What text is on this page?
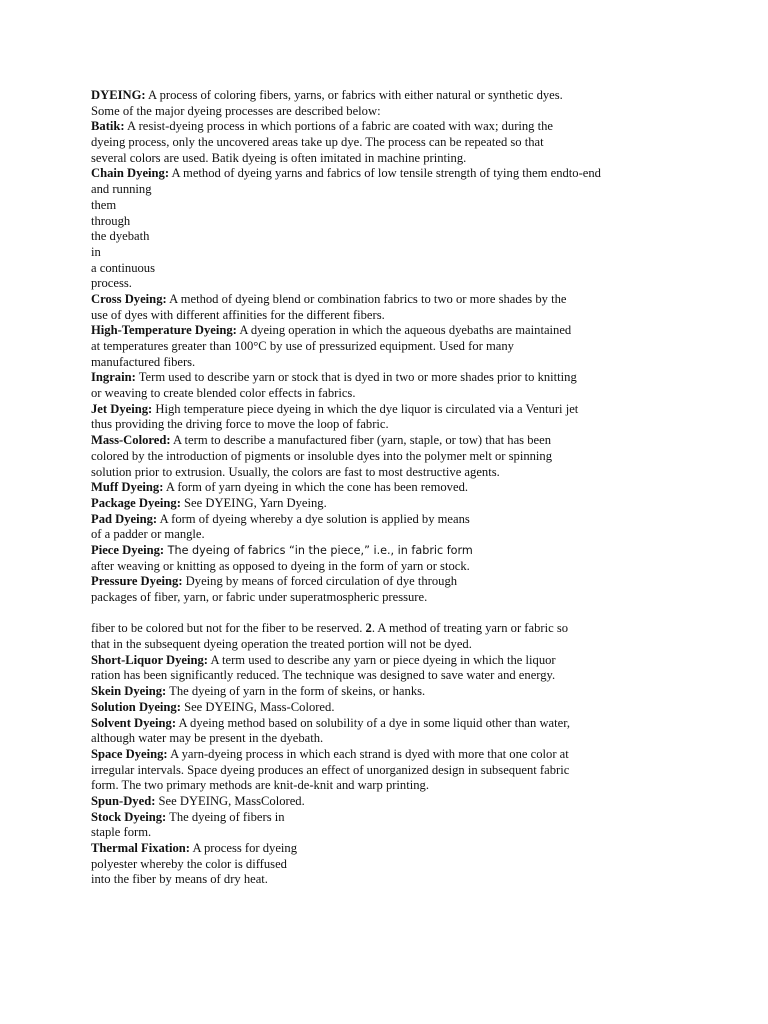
DYEING: A process of coloring fibers, yarns, or fabrics with either natural or synthetic dyes.
Some of the major dyeing processes are described below:
Batik: A resist-dyeing process in which portions of a fabric are coated with wax; during the
dyeing process, only the uncovered areas take up dye. The process can be repeated so that
several colors are used. Batik dyeing is often imitated in machine printing.
Chain Dyeing: A method of dyeing yarns and fabrics of low tensile strength of tying them endto-end
and running
them
through
the dyebath
in
a continuous
process.
Cross Dyeing: A method of dyeing blend or combination fabrics to two or more shades by the
use of dyes with different affinities for the different fibers.
High-Temperature Dyeing: A dyeing operation in which the aqueous dyebaths are maintained
at temperatures greater than 100°C by use of pressurized equipment. Used for many
manufactured fibers.
Ingrain: Term used to describe yarn or stock that is dyed in two or more shades prior to knitting
or weaving to create blended color effects in fabrics.
Jet Dyeing: High temperature piece dyeing in which the dye liquor is circulated via a Venturi jet
thus providing the driving force to move the loop of fabric.
Mass-Colored: A term to describe a manufactured fiber (yarn, staple, or tow) that has been
colored by the introduction of pigments or insoluble dyes into the polymer melt or spinning
solution prior to extrusion. Usually, the colors are fast to most destructive agents.
Muff Dyeing: A form of yarn dyeing in which the cone has been removed.
Package Dyeing: See DYEING, Yarn Dyeing.
Pad Dyeing: A form of dyeing whereby a dye solution is applied by means
of a padder or mangle.
Piece Dyeing: The dyeing of fabrics “in the piece,” i.e., in fabric form
after weaving or knitting as opposed to dyeing in the form of yarn or stock.
Pressure Dyeing: Dyeing by means of forced circulation of dye through
packages of fiber, yarn, or fabric under superatmospheric pressure.
fiber to be colored but not for the fiber to be reserved. 2. A method of treating yarn or fabric so
that in the subsequent dyeing operation the treated portion will not be dyed.
Short-Liquor Dyeing: A term used to describe any yarn or piece dyeing in which the liquor
ration has been significantly reduced. The technique was designed to save water and energy.
Skein Dyeing: The dyeing of yarn in the form of skeins, or hanks.
Solution Dyeing: See DYEING, Mass-Colored.
Solvent Dyeing: A dyeing method based on solubility of a dye in some liquid other than water,
although water may be present in the dyebath.
Space Dyeing: A yarn-dyeing process in which each strand is dyed with more that one color at
irregular intervals. Space dyeing produces an effect of unorganized design in subsequent fabric
form. The two primary methods are knit-de-knit and warp printing.
Spun-Dyed: See DYEING, MassColored.
Stock Dyeing: The dyeing of fibers in
staple form.
Thermal Fixation: A process for dyeing
polyester whereby the color is diffused
into the fiber by means of dry heat.
